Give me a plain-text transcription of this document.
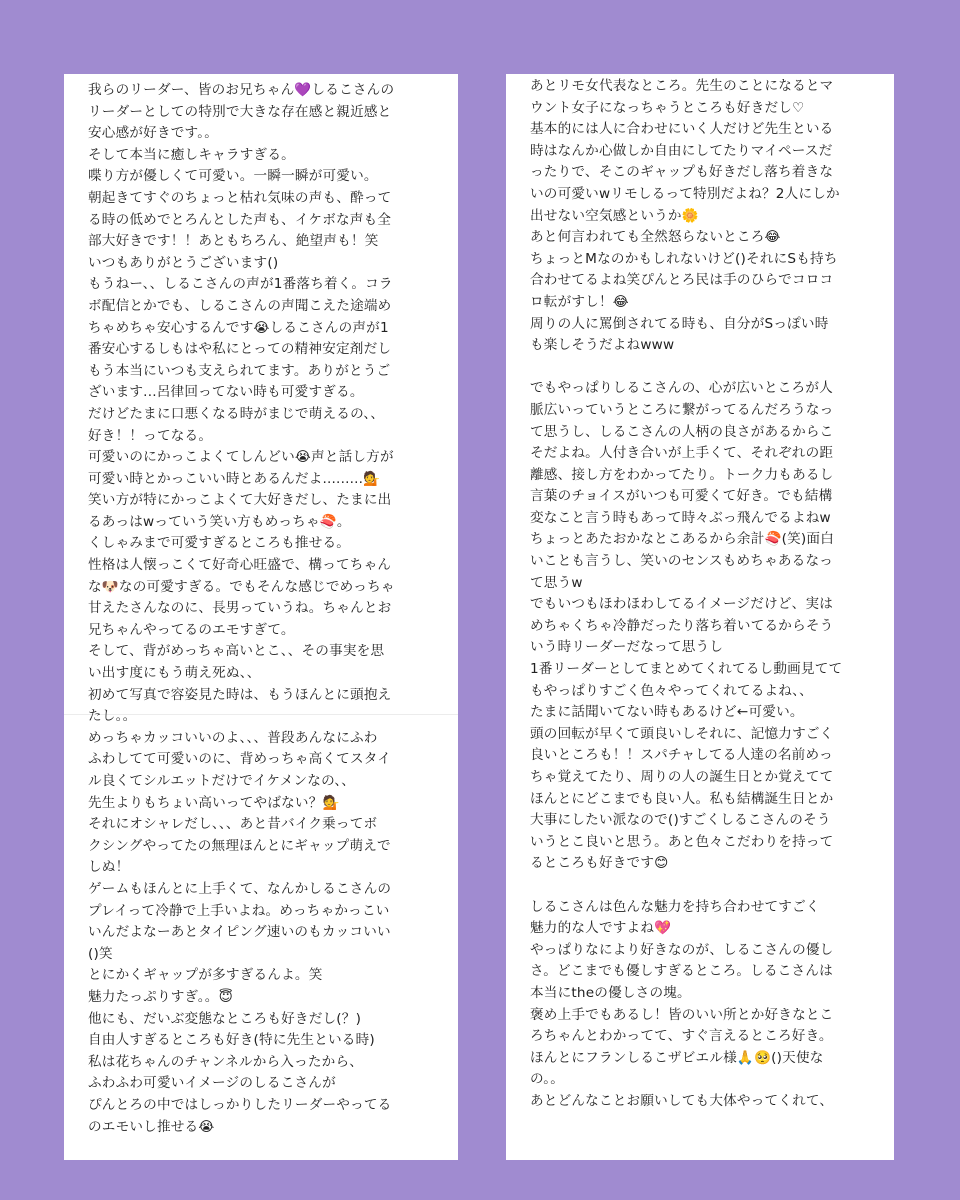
我らのリーダー、皆のお兄ちゃん💜しるこさんの
リーダーとしての特別で大きな存在感と親近感と
安心感が好きです。。
そして本当に癒しキャラすぎる。
喋り方が優しくて可愛い。一瞬一瞬が可愛い。
朝起きてすぐのちょっと枯れ気味の声も、酔って
る時の低めでとろんとした声も、イケボな声も全
部大好きです！！あともちろん、絶望声も！笑
いつもありがとうございます()
もうねー、、しるこさんの声が1番落ち着く。コラ
ボ配信とかでも、しるこさんの声聞こえた途端め
ちゃめちゃ安心するんです😭しるこさんの声が1
番安心するしもはや私にとっての精神安定剤だし
もう本当にいつも支えられてます。ありがとうご
ざいます...呂律回ってない時も可愛すぎる。
だけどたまに口悪くなる時がまじで萌えるの、、
好き！！ってなる。
可愛いのにかっこよくてしんどい😭声と話し方が
可愛い時とかっこいい時とあるんだよ.........💁
笑い方が特にかっこよくて大好きだし、たまに出
るあっはwっていう笑い方もめっちゃ🍣。
くしゃみまで可愛すぎるところも推せる。
性格は人懐っこくて好奇心旺盛で、構ってちゃん
な🐶なの可愛すぎる。でもそんな感じでめっちゃ
甘えたさんなのに、長男っていうね。ちゃんとお
兄ちゃんやってるのエモすぎて。
そして、背がめっちゃ高いとこ、、その事実を思
い出す度にもう萌え死ぬ、、
初めて写真で容姿見た時は、もうほんとに頭抱え
たし。。
めっちゃカッコいいのよ、、、普段あんなにふわ
ふわしてて可愛いのに、背めっちゃ高くてスタイ
ル良くてシルエットだけでイケメンなの、、
先生よりもちょい高いってやばない？💁
それにオシャレだし、、、あと昔バイク乗ってボ
クシングやってたの無理ほんとにギャップ萌えで
しぬ！
ゲームもほんとに上手くて、なんかしるこさんの
プレイって冷静で上手いよね。めっちゃかっこい
いんだよなーあとタイピング速いのもカッコいい
()笑
とにかくギャップが多すぎるんよ。笑
魅力たっぷりすぎ。。😇
他にも、だいぶ変態なところも好きだし(？)
自由人すぎるところも好き(特に先生といる時)
私は花ちゃんのチャンネルから入ったから、
ふわふわ可愛いイメージのしるこさんが
ぴんとろの中ではしっかりしたリーダーやってる
のエモいし推せる😭
あとリモ女代表なところ。先生のことになるとマ
ウント女子になっちゃうところも好きだし♡
基本的には人に合わせにいく人だけど先生といる
時はなんか心做しか自由にしてたりマイペースだ
ったりで、そこのギャップも好きだし落ち着きな
いの可愛いwリモしるって特別だよね？2人にしか
出せない空気感というか🌼
あと何言われても全然怒らないところ😂
ちょっとMなのかもしれないけど()それにSも持ち
合わせてるよね笑ぴんとろ民は手のひらでコロコ
ロ転がすし！😂
周りの人に罵倒されてる時も、自分がSっぽい時
も楽しそうだよねwww
でもやっぱりしるこさんの、心が広いところが人
脈広いっていうところに繋がってるんだろうなっ
て思うし、しるこさんの人柄の良さがあるからこ
そだよね。人付き合いが上手くて、それぞれの距
離感、接し方をわかってたり。トーク力もあるし
言葉のチョイスがいつも可愛くて好き。でも結構
変なこと言う時もあって時々ぶっ飛んでるよねw
ちょっとあたおかなとこあるから余計🍣(笑)面白
いことも言うし、笑いのセンスもめちゃあるなっ
て思うw
でもいつもほわほわしてるイメージだけど、実は
めちゃくちゃ冷静だったり落ち着いてるからそう
いう時リーダーだなって思うし
1番リーダーとしてまとめてくれてるし動画見てて
もやっぱりすごく色々やってくれてるよね、、
たまに話聞いてない時もあるけど←可愛い。
頭の回転が早くて頭良いしそれに、記憶力すごく
良いところも！！スパチャしてる人達の名前めっ
ちゃ覚えてたり、周りの人の誕生日とか覚えてて
ほんとにどこまでも良い人。私も結構誕生日とか
大事にしたい派なので()すごくしるこさんのそう
いうとこ良いと思う。あと色々こだわりを持って
るところも好きです😊
しるこさんは色んな魅力を持ち合わせてすごく
魅力的な人ですよね💖
やっぱりなにより好きなのが、しるこさんの優し
さ。どこまでも優しすぎるところ。しるこさんは
本当にtheの優しさの塊。
褒め上手でもあるし！皆のいい所とか好きなとこ
ろちゃんとわかってて、すぐ言えるところ好き。
ほんとにフランしるこザビエル様🙏🥺()天使な
の。。
あとどんなことお願いしても大体やってくれて、
